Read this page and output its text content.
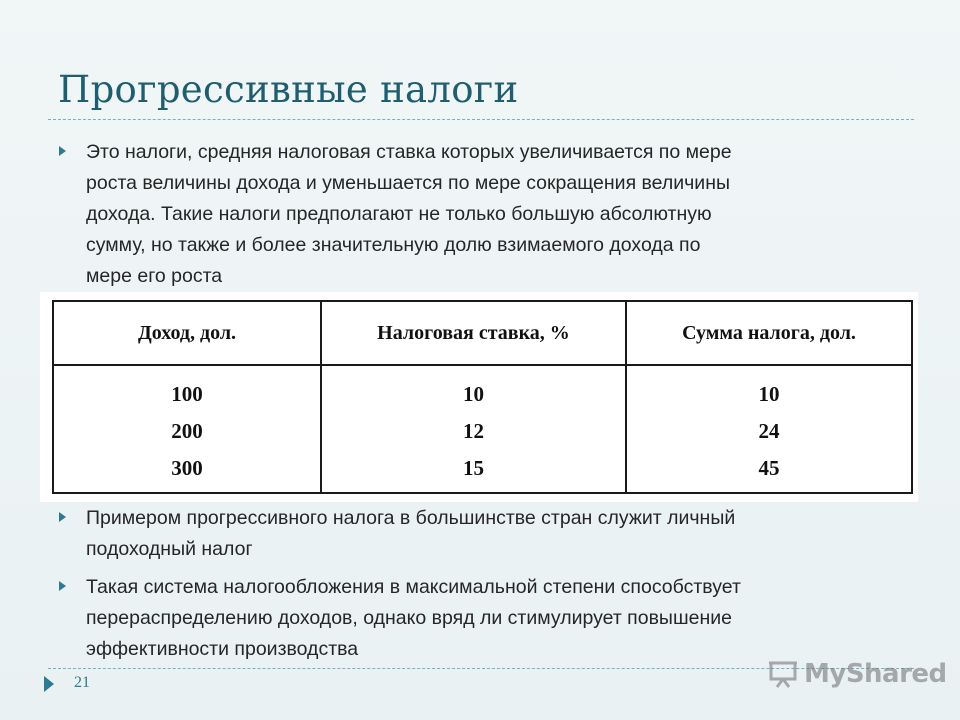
Прогрессивные налоги
Это налоги, средняя налоговая ставка которых увеличивается по мере
роста величины дохода и уменьшается по мере сокращения величины
дохода. Такие налоги предполагают не только большую абсолютную
сумму, но также и более значительную долю взимаемого дохода по
мере его роста
Доход, дол.	Налоговая ставка, %	Сумма налога, дол.
100	10	10
200	12	24
300	15	45
Примером прогрессивного налога в большинстве стран служит личный
подоходный налог
Такая система налогообложения в максимальной степени способствует
перераспределению доходов, однако вряд ли стимулирует повышение
эффективности производства
21	MyShared
